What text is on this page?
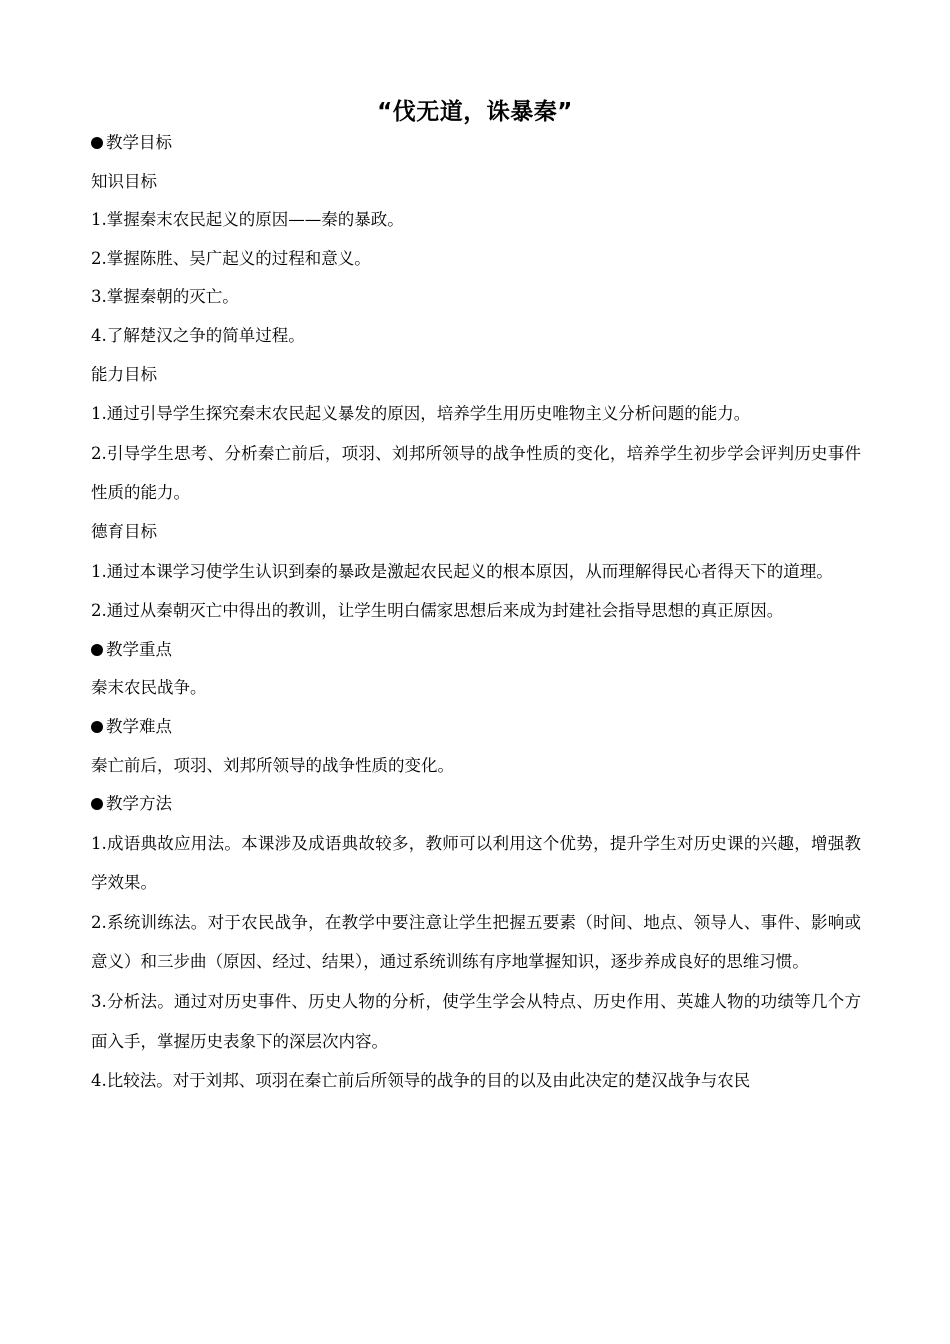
“伐无道，诛暴秦”
教学目标
知识目标
1.掌握秦末农民起义的原因——秦的暴政。
2.掌握陈胜、吴广起义的过程和意义。
3.掌握秦朝的灭亡。
4.了解楚汉之争的简单过程。
能力目标
1.通过引导学生探究秦末农民起义暴发的原因，培养学生用历史唯物主义分析问题的能力。
2.引导学生思考、分析秦亡前后，项羽、刘邦所领导的战争性质的变化，培养学生初步学会评判历史事件性质的能力。
德育目标
1.通过本课学习使学生认识到秦的暴政是激起农民起义的根本原因，从而理解得民心者得天下的道理。
2.通过从秦朝灭亡中得出的教训，让学生明白儒家思想后来成为封建社会指导思想的真正原因。
教学重点
秦末农民战争。
教学难点
秦亡前后，项羽、刘邦所领导的战争性质的变化。
教学方法
1.成语典故应用法。本课涉及成语典故较多，教师可以利用这个优势，提升学生对历史课的兴趣，增强教学效果。
2.系统训练法。对于农民战争，在教学中要注意让学生把握五要素（时间、地点、领导人、事件、影响或意义）和三步曲（原因、经过、结果），通过系统训练有序地掌握知识，逐步养成良好的思维习惯。
3.分析法。通过对历史事件、历史人物的分析，使学生学会从特点、历史作用、英雄人物的功绩等几个方面入手，掌握历史表象下的深层次内容。
4.比较法。对于刘邦、项羽在秦亡前后所领导的战争的目的以及由此决定的楚汉战争与农民
